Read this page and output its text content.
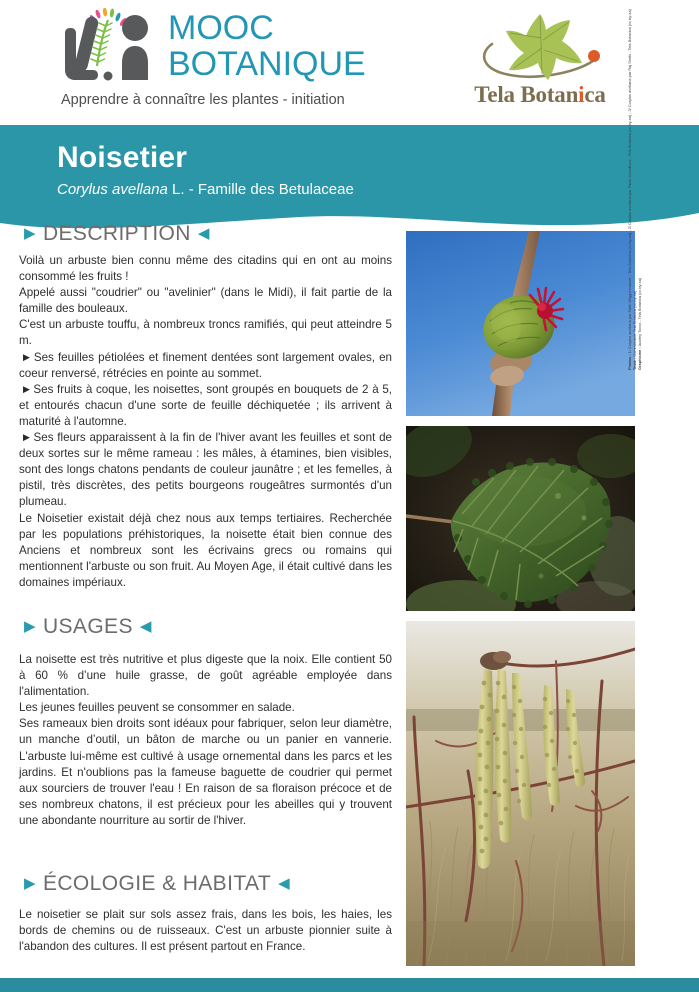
MOOC
BOTANIQUE
Apprendre à connaître les plantes - initiation	Tela Botanica
Noisetier
Corylus avellana L. - Famille des Betulaceae
▶ DESCRIPTION ◀

Voilà un arbuste bien connu même des citadins qui en ont au moins consommé les fruits !

Appelé aussi "coudrier" ou "avelinier" (dans le Midi), il fait partie de la famille des bouleaux.

C'est un arbuste touffu, à nombreux troncs ramifiés, qui peut atteindre 5 m.

▶ Ses feuilles pétiolées et finement dentées sont largement ovales, en coeur renversé, rétrécies en pointe au sommet.

▶ Ses fruits à coque, les noisettes, sont groupés en bouquets de 2 à 5, et entourés chacun d'une sorte de feuille déchiquetée ; ils arrivent à maturité à l'automne.

▶ Ses fleurs apparaissent à la fin de l'hiver avant les feuilles et sont de deux sortes sur le même rameau : les mâles, à étamines, bien visibles, sont des longs chatons pendants de couleur jaunâtre ; et les femelles, à pistil, très discrètes, des petits bourgeons rougeâtres surmontés d'un plumeau.

Le Noisetier existait déjà chez nous aux temps tertiaires. Recherchée par les populations préhistoriques, la noisette était bien connue des Anciens et nombreux sont les écrivains grecs ou romains qui mentionnent l'arbuste ou son fruit. Au Moyen Age, il était cultivé dans les domaines impériaux.

▶ USAGES ◀

La noisette est très nutritive et plus digeste que la noix. Elle contient 50 à 60 % d’une huile grasse, de goût agréable employée dans l'alimentation.

Les jeunes feuilles peuvent se consommer en salade.

Ses rameaux bien droits sont idéaux pour fabriquer, selon leur diamètre, un manche d’outil, un bâton de marche ou un panier en vannerie. L'arbuste lui-même est cultivé à usage ornemental dans les parcs et les jardins. Et n'oublions pas la fameuse baguette de coudrier qui permet aux sourciers de trouver l'eau ! En raison de sa floraison précoce et de ses nombreux chatons, il est précieux pour les abeilles qui y trouvent une abondante nourriture au sortir de l'hiver.

▶ ÉCOLOGIE & HABITAT ◀

Le noisetier se plait sur sols assez frais, dans les bois, les haies, les bords de chemins ou de ruisseaux. C'est un arbuste pionnier suite à l'abandon des cultures. Il est présent partout en France.

Photos : 1/ Corylus avellana par Edith Wiggenhauser - Tela Botanica (cc by-sa) ; 2/ Corylus avellana par Paolo Cavallucci - Tela Botanica (cc by-sa) ; 3/ Corylus avellana par Raj Smits - Tela Botanica (cc by-sa)
Texte : Communauté Tela Botanica (cc by-sa)
Graphisme : Audrey Tocco - Tela Botanica (cc by-sa)
